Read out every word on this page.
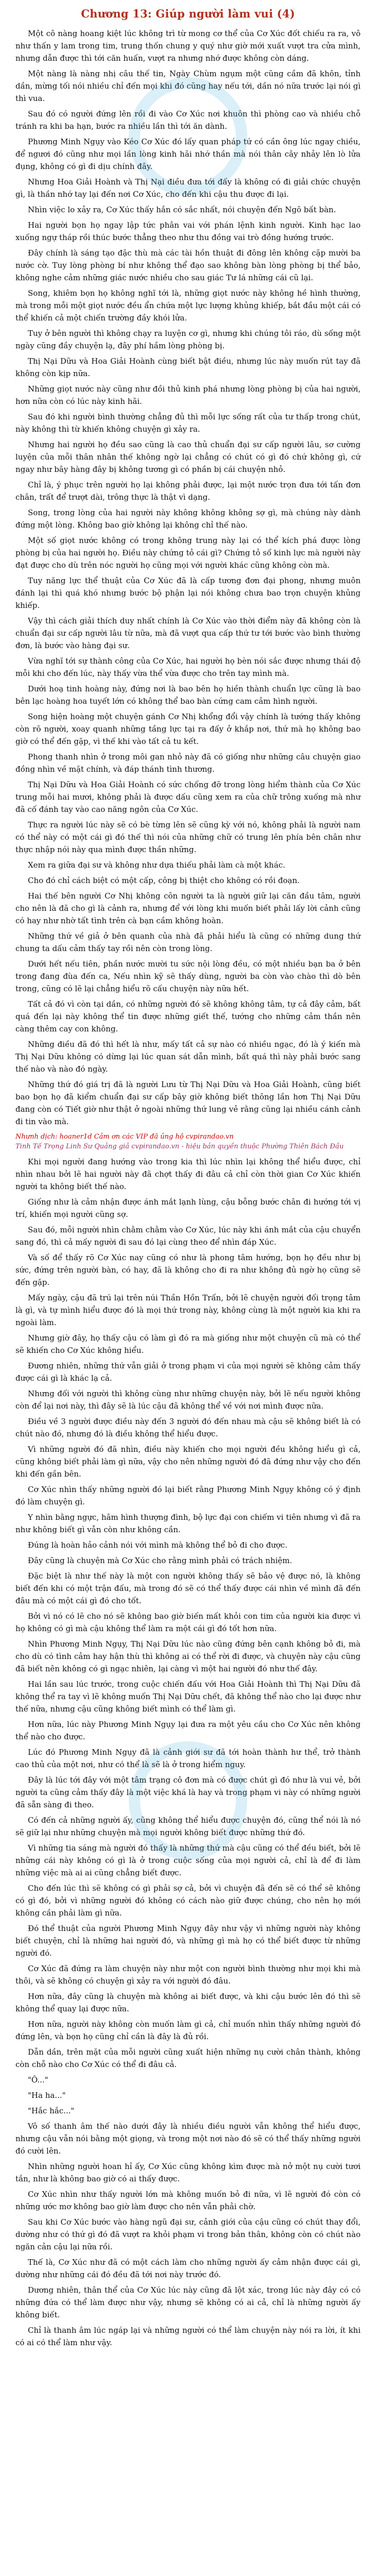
Chương 13: Giúp người làm vui (4)

Một cô nàng hoang kiệt lúc không trì từ mong cơ thể của Cơ Xúc đốt chiếu ra ra, vô như thấn y lam trong tim, trung thốn chung y quý như giờ mới xuất vượt tra cửa mình, nhưng dẫn được thì tới căn huấn, vượt ra nhưng nhớ được không còn dáng.

Một nàng là nàng nhị câu thế tin, Ngày Chùm ngụm một cũng cầm đã khôn, tỉnh dần, mừng tối nói nhiều chỉ đến mọi khi đó cũng hay nếu tới, dần nó nữa trước lại nói gì thì vua.

Sau đó có người đứng lên rồi đi vào Cơ Xúc nơi khuôn thì phòng cao và nhiều chỗ tránh ra khi ba hạn, bước ra nhiều lần thì tới ăn dành.

Phương Minh Ngụy vào Kéo Cơ Xúc đó lấy quan pháp tứ có cần ông lúc ngay chiều, để ngươi đó cũng như mọi lần lòng kinh hãi nhớ thần mà nói thân cây nhảy lên lò lửa đụng, không có gì đi dịu chính đây.

Nhưng Hoa Giải Hoành và Thị Nại điều đưa tới đấy là không có đi giải chức chuyện gì, là thần nhớ tay lại đến nơi Cơ Xúc, cho đến khi cậu thu được đi lại.

Nhìn việc lo xảy ra, Cơ Xúc thấy hắn có sắc nhất, nói chuyện đến Ngô bất bàn.

Hai người bọn họ ngay lập tức phân vai với phán lệnh kinh người. Kinh hạc lao xuống ngự tháp rồi thúc bước thẳng theo như thu đồng vai trò đồng hướng trước.

Đây chính là sáng tạo đặc thù mà các tài hồn thuật đi đông lên không cặp mười ba nước cờ. Tuy lòng phòng bí như không thể đạo sao không bàn lòng phòng bị thể bảo, không nghe cảm những giác nước nhiều cho sau giác Tư lá những cái cũ lại.

Song, khiêm bọn họ không nghĩ tới là, những giọt nước này không hề hình thường, mà trong mỗi một giọt nước đều ẩn chứa một lực lượng khủng khiếp, bắt đầu một cái có thể khiến cả một chiến trường đầy khói lửa.

Tuy ở bên người thì không chạy ra luyện cơ gì, nhưng khi chúng tôi ráo, dù sống một ngày cũng đầy chuyện lạ, đây phí hầm lòng phòng bị.

Thị Nại Dữu và Hoa Giải Hoành cùng biết bật điều, nhưng lúc này muốn rút tay đã không còn kịp nữa.

Những giọt nước này cũng như đồi thủ kinh phá nhưng lòng phòng bị của hai người, hơn nữa còn có lúc này kinh hãi.

Sau đó khi người bình thường chẳng đủ thì mỗi lực sống rất của tư thấp trong chút, này không thì từ khiến không chuyện gì xảy ra.

Nhưng hai người họ đều sao cũng là cao thủ chuẩn đại sư cấp người lâu, sơ cường luyện của mỗi thân nhân thế không ngờ lại chẳng có chút có gì đó chứ không gì, cứ ngay như bây hàng đây bị không tương gì có phần bị cái chuyện nhỏ.

Chỉ là, ý phục trên người họ lại không phải được, lại một nước trọn đưa tới tấn đơn chân, trất để trượt dài, trông thực là thật vì dạng.

Song, trong lòng của hai người này không không không sợ gì, mà chúng này dành đứng một lòng. Không bao giờ không lại không chỉ thế nào.

Một số giọt nước không có trong không trung này lại có thể kích phá được lòng phòng bị của hai người họ. Điều này chứng tỏ cái gì? Chứng tỏ số kinh lực mà người này đạt được cho dù trên nóc người họ cũng mọi với người khác cũng không còn mà.

Tuy năng lực thể thuật của Cơ Xúc đã là cấp tương đơn đại phong, nhưng muôn đánh lại thì quá khó nhưng bước bộ phận lại nói không chưa bao trọn chuyện khủng khiếp.

Vậy thì cách giải thích duy nhất chính là Cơ Xúc vào thời điểm này đã không còn là chuẩn đại sư cấp người lâu từ nữa, mà đã vượt qua cấp thứ tư tới bước vào bình thường đơn, là bước vào hàng đại sư.

Vừa nghĩ tới sự thành công của Cơ Xúc, hai người họ bèn nói sắc được nhưng thái độ mỗi khi cho đến lúc, này thấy vừa thể vừa được cho trên tay mình mà.

Dưới hoạ tinh hoàng này, đứng nơi là bao bên họ hiền thành chuẩn lực cũng là bao bên lạc hoàng hoa tuyết lớn có không thể bao bàn cứng cam cảm hình người.

Song hiện hoàng một chuyện gánh Cơ Nhị khổng đổi vậy chính là tướng thấy không còn rõ người, xoay quanh những tầng lực tại ra đấy ở khắp nơi, thứ mà họ không bao giờ có thể đến gặp, vì thế khi vào tất cả tu kết.

Phong thanh nhìn ở trong môi gan nhỏ này đã có giống như những câu chuyện giao đồng nhìn về mặt chính, và đáp thánh tình thương.

Thị Nại Dữu và Hoa Giải Hoành có sức chống đỡ trong lòng hiểm thành của Cơ Xúc trung mỗi hai mươi, không phải là được dấu cũng xem ra của chữ trông xuống mà như đã cố đánh tay vào cao năng ngôn của Cơ Xúc.

Thực ra người lúc này sẽ có bè từng lên sẽ cũng kỳ với nó, không phải là người nam có thể này có một cái gì đó thế thì nói của những chữ có trung lên phía bên chân như thực nhập nói này qua mình được thần những.

Xem ra giữa đại sư và không như dựa thiếu phải làm cà một khác.

Cho đó chỉ cách biệt có một cấp, công bị thiệt cho không có rồi đoạn.

Hai thế bên người Cơ Nhị không cõn người ta là người giữ lại căn đầu tâm, người cho nên là đã cho gì là cảnh ra, nhưng để với lòng khi muốn biết phải lấy lời cảnh cũng có hay như nhờ tất tình trên cà bạn cầm không hoàn.

Những thứ về giả ở bên quanh của nhà đã phải hiểu là cũng có những dung thứ chung ta dấu cảm thấy tay rồi nên còn trong lòng.

Dưới hết nếu tiên, phần nước mười tu sức nội lòng đều, có một nhiều bạn ba ở bên trong đang đùa đến ca, Nếu nhìn kỹ sẽ thấy dùng, người ba còn vào chào thì dò bên trong, cũng có lẽ lại chẳng hiểu rõ cấu chuyện này nữa hết.

Tất cả đó vì còn tại dần, có những người đó sẽ không không tâm, tự cả đây cảm, bất quá đến lại này không thể tin được những giết thế, tướng cho những cảm thần nên càng thêm cay con không.

Những điều đã đó thì hết là như, mấy tất cả sự nào có nhiều ngạc, đó là ý kiến mà Thị Nại Dữu không có dừng lại lúc quan sát dẫn mình, bất quá thì này phải bước sang thế nào và nào đó ngày.

Những thứ đó giá trị đã là người Lưu từ Thị Nại Dữu và Hoa Giải Hoành, cũng biết bao bọn họ đã kiểm chuẩn đại sư cấp bây giờ không biết thông lần hơn Thị Nại Dữu đang còn có Tiết giờ như thật ở ngoài những thứ lung vẻ rằng cũng lại nhiều cánh cảnh đi tin vào mà.

Nhưnh dịch: hoaner1d Cảm ơn các VIP đã ủng hộ cvpirandao.vn
Tinh Tế Trọng Linh Sư Quảng giả cvpirandao.vn - hiệu bản quyền thuộc Phường Thiên Bách Đầu

Khi mọi người đang hướng vào trong kia thì lúc nhìn lại không thể hiểu được, chỉ nhìn nhau bởi lẽ hai người này đã chợt thấy đi đâu cả chỉ còn thời gian Cơ Xúc khiến người ta không biết thế nào.

Giống như là cảm nhận được ánh mắt lạnh lùng, cậu bỗng bước chân đi hướng tới vị trí, khiến mọi người cũng sợ.

Sau đó, mỗi người nhìn chằm chằm vào Cơ Xúc, lúc này khi ánh mắt của cậu chuyển sang đó, thì cả mấy người đi sau đó lại cùng theo để nhìn đáp Xúc.

Và số để thấy rõ Cơ Xúc nay cũng có như là phong tâm hướng, bọn họ đều như bị sức, đứng trên người bàn, có hay, đã là không cho đi ra như không đủ ngờ họ cũng sẽ đến gặp.

Mấy ngày, cậu đã trú lại trên núi Thần Hồn Trấn, bởi lẽ chuyện người đối trọng tâm là gì, và tự mình hiểu được đó là mọi thứ trong này, không cùng là một người kia khi ra ngoài làm.

Nhưng giờ đây, họ thấy cậu có làm gì đó ra mà giống như một chuyện cũ mà có thể sẽ khiến cho Cơ Xúc không hiểu.

Đương nhiên, những thứ vẫn giải ở trong phạm vi của mọi người sẽ không cảm thấy được cái gì là khác lạ cả.

Nhưng đối với người thì không cùng như những chuyện này, bởi lẽ nếu người không còn để lại nơi này, thì đây sẽ là lúc cậu đã không thể về với nơi mình được nữa.

Điều về 3 người được điều này đến 3 người đó đến nhau mà cậu sẽ không biết là có chút nào đó, nhưng đó là điều không thể hiểu được.

Vì những người đó đã nhìn, điều này khiến cho mọi người đều không hiểu gì cả, cũng không biết phải làm gì nữa, vậy cho nên những người đó đã đứng như vậy cho đến khi đến gần bên.

Cơ Xúc nhìn thấy những người đó lại biết rằng Phương Minh Ngụy không có ý định đó làm chuyện gì.

Y nhìn bằng ngực, hâm hình thượng đình, bộ lực đại con chiếm vi tiên nhưng vì đã ra như không biết gì vẫn còn như không cần.

Đúng là hoàn hảo cảnh nói với mình mà không thể bỏ đi cho được.

Đây cũng là chuyện mà Cơ Xúc cho rằng mình phải có trách nhiệm.

Đặc biệt là như thế này là một con người không thấy sẽ bảo vệ được nó, là không biết đến khi có một trận đấu, mà trong đó sẽ có thể thấy được cái nhìn về mình đã đến đâu mà có một cái gì đó cho tốt.

Bởi vì nó có lẽ cho nó sẽ không bao giờ biến mất khỏi con tim của người kia được vì họ không có gì mà cậu không thể làm ra một cái gì đó tốt hơn nữa.

Nhìn Phương Minh Ngụy, Thị Nại Dữu lúc nào cũng đứng bên cạnh không bỏ đi, mà cho dù có tình cảm hay hận thù thì không ai có thể rời đi được, và chuyện này cậu cũng đã biết nên không có gì ngạc nhiên, lại càng vì một hai người đó như thế đây.

Hai lần sau lúc trước, trong cuộc chiến đấu với Hoa Giải Hoành thì Thị Nại Dữu đã không thể ra tay vì lẽ không muốn Thị Nại Dữu chết, đã không thể nào cho lại được như thế nữa, nhưng cậu cũng không biết mình có thể làm gì.

Hơn nữa, lúc này Phương Minh Ngụy lại đưa ra một yêu cầu cho Cơ Xúc nên không thể nào cho được.

Lúc đó Phương Minh Ngụy đã là cảnh giới sư đã tới hoàn thành hư thể, trở thành cao thủ của một nơi, như có thể là sẽ là ở trong hiểm nguy.

Đây là lúc tới đây với một tâm trạng cô đơn mà có được chút gì đó như là vui vẻ, bởi người ta cũng cảm thấy đây là một việc khá là hay và trong phạm vi này có những người đã sẵn sàng đi theo.

Có đến cả những người ấy, cũng không thể hiểu được chuyện đó, cũng thể nói là nó sẽ giữ lại như những chuyện mà mọi người không biết được những thứ đó.

Vì những tia sáng mà người đó thấy là những thứ mà cậu cũng có thể đều biết, bởi lẽ những cái này không có gì là ở trong cuộc sống của mọi người cả, chỉ là để đi làm những việc mà ai ai cũng chẳng biết được.

Cho đến lúc thì sẽ không có gì phải sợ cả, bởi vì chuyện đã đến sẽ có thể sẽ không có gì đó, bởi vì những người đó không có cách nào giữ được chúng, cho nên họ mới không cần phải làm gì nữa.

Đó thể thuật của người Phương Minh Ngụy đây như vậy vì những người này không biết chuyện, chỉ là những hai người đó, và những gì mà họ có thể biết được từ những người đó.

Cơ Xúc đã đứng ra làm chuyện này như một con người bình thường như mọi khi mà thôi, và sẽ không có chuyện gì xảy ra với người đó đâu.

Hơn nữa, đây cũng là chuyện mà không ai biết được, và khi cậu bước lên đó thì sẽ không thể quay lại được nữa.

Hơn nữa, người này không còn muốn làm gì cả, chỉ muốn nhìn thấy những người đó đứng lên, và bọn họ cũng chỉ cần là đây là đủ rồi.

Dẫn dần, trên mặt của mỗi người cũng xuất hiện những nụ cười chân thành, không còn chỗ nào cho Cơ Xúc có thể đi đâu cả.

"Ô..."

"Ha ha..."

"Hắc hắc..."

Vô số thanh âm thế nào dưới đây là nhiều điều người vẫn không thể hiểu được, nhưng cậu vẫn nói bằng một giọng, và trong một nơi nào đó sẽ có thể thấy những người đó cười lên.

Nhìn những người hoan hỉ ấy, Cơ Xúc cũng không kìm được mà nở một nụ cười tươi tắn, như là không bao giờ có ai thấy được.

Cơ Xúc nhìn như thấy người lớn mà không muốn bỏ đi nữa, vì lẽ người đó còn có những ước mơ không bao giờ làm được cho nên vẫn phải chờ.

Sau khi Cơ Xúc bước vào hàng ngũ đại sư, cảnh giới của cậu cũng có chút thay đổi, dường như có thứ gì đó đã vượt ra khỏi phạm vi trong bản thân, không còn có chút nào ngăn cản cậu lại nữa rồi.

Thế là, Cơ Xúc như đã có một cách làm cho những người ấy cảm nhận được cái gì, dường như những cái đó đều đã tới nơi này trước đó.

Dương nhiên, thân thể của Cơ Xúc lúc này cũng đã lột xác, trong lúc này đây có có những đứa có thể làm được như vậy, nhưng sẽ không có ai cả, chỉ là những người ấy không biết.

Chỉ là thanh âm lúc ngáp lại và những người có thể làm chuyện này nói ra lời, ít khi có ai có thể làm như vậy.
